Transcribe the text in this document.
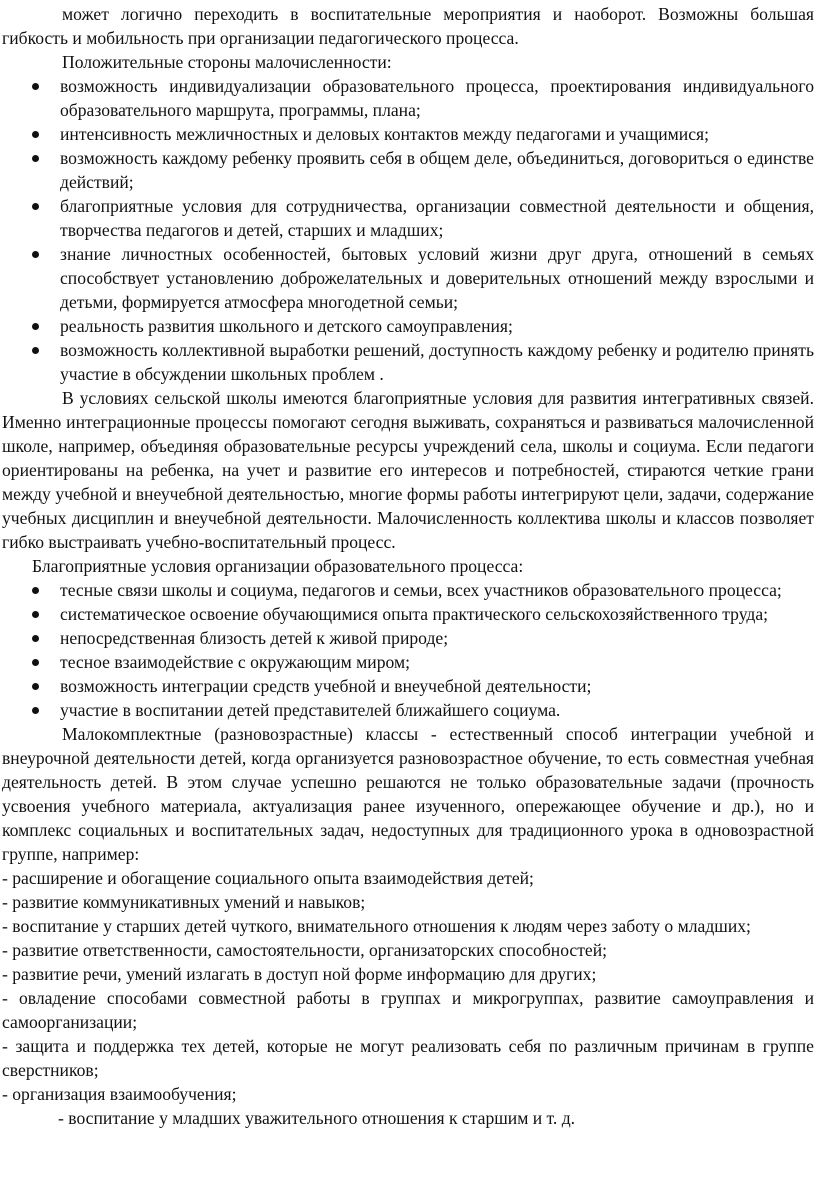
может логично переходить в воспитательные мероприятия и наоборот. Возможны большая гибкость и мобильность при организации педагогического процесса.

Положительные стороны малочисленности:

возможность индивидуализации образовательного процесса, проектирования индивидуального образовательного маршрута, программы, плана;
интенсивность межличностных и деловых контактов между педагогами и учащимися;
возможность каждому ребенку проявить себя в общем деле, объединиться, договориться о единстве действий;
благоприятные условия для сотрудничества, организации совместной деятельности и общения, творчества педагогов и детей, старших и младших;
знание личностных особенностей, бытовых условий жизни друг друга, отношений в семьях способствует установлению доброжелательных и доверительных отношений между взрослыми и детьми, формируется атмосфера многодетной семьи;
реальность развития школьного и детского самоуправления;
возможность коллективной выработки решений, доступность каждому ребенку и родителю принять участие в обсуждении школьных проблем .

В условиях сельской школы имеются благоприятные условия для развития интегративных связей. Именно интеграционные процессы помогают сегодня выживать, сохраняться и развиваться малочисленной школе, например, объединяя образовательные ресурсы учреждений села, школы и социума. Если педагоги ориентированы на ребенка, на учет и развитие его интересов и потребностей, стираются четкие грани между учебной и внеучебной деятельностью, многие формы работы интегрируют цели, задачи, содержание учебных дисциплин и внеучебной деятельности. Малочисленность коллектива школы и классов позволяет гибко выстраивать учебно-воспитательный процесс.

Благоприятные условия организации образовательного процесса:

тесные связи школы и социума, педагогов и семьи, всех участников образовательного процесса;
систематическое освоение обучающимися опыта практического сельскохозяйственного труда;
непосредственная близость детей к живой природе;
тесное взаимодействие с окружающим миром;
возможность интеграции средств учебной и внеучебной деятельности;
участие в воспитании детей представителей ближайшего социума.

Малокомплектные (разновозрастные) классы - естественный способ интеграции учебной и внеурочной деятельности детей, когда организуется разновозрастное обучение, то есть совместная учебная деятельность детей. В этом случае успешно решаются не только образовательные задачи (прочность усвоения учебного материала, актуализация ранее изученного, опережающее обучение и др.), но и комплекс социальных и воспитательных задач, недоступных для традиционного урока в одновозрастной группе, например:

- расширение и обогащение социального опыта взаимодействия детей;

- развитие коммуникативных умений и навыков;

- воспитание у старших детей чуткого, внимательного отношения к людям через заботу о младших;

- развитие ответственности, самостоятельности, организаторских способностей;

- развитие речи, умений излагать в доступ ной форме информацию для других;

- овладение способами совместной работы в группах и микрогруппах, развитие самоуправления и самоорганизации;

- защита и поддержка тех детей, которые не могут реализовать себя по различным причинам в группе сверстников;

- организация взаимообучения;

- воспитание у младших уважительного отношения к старшим и т. д.
